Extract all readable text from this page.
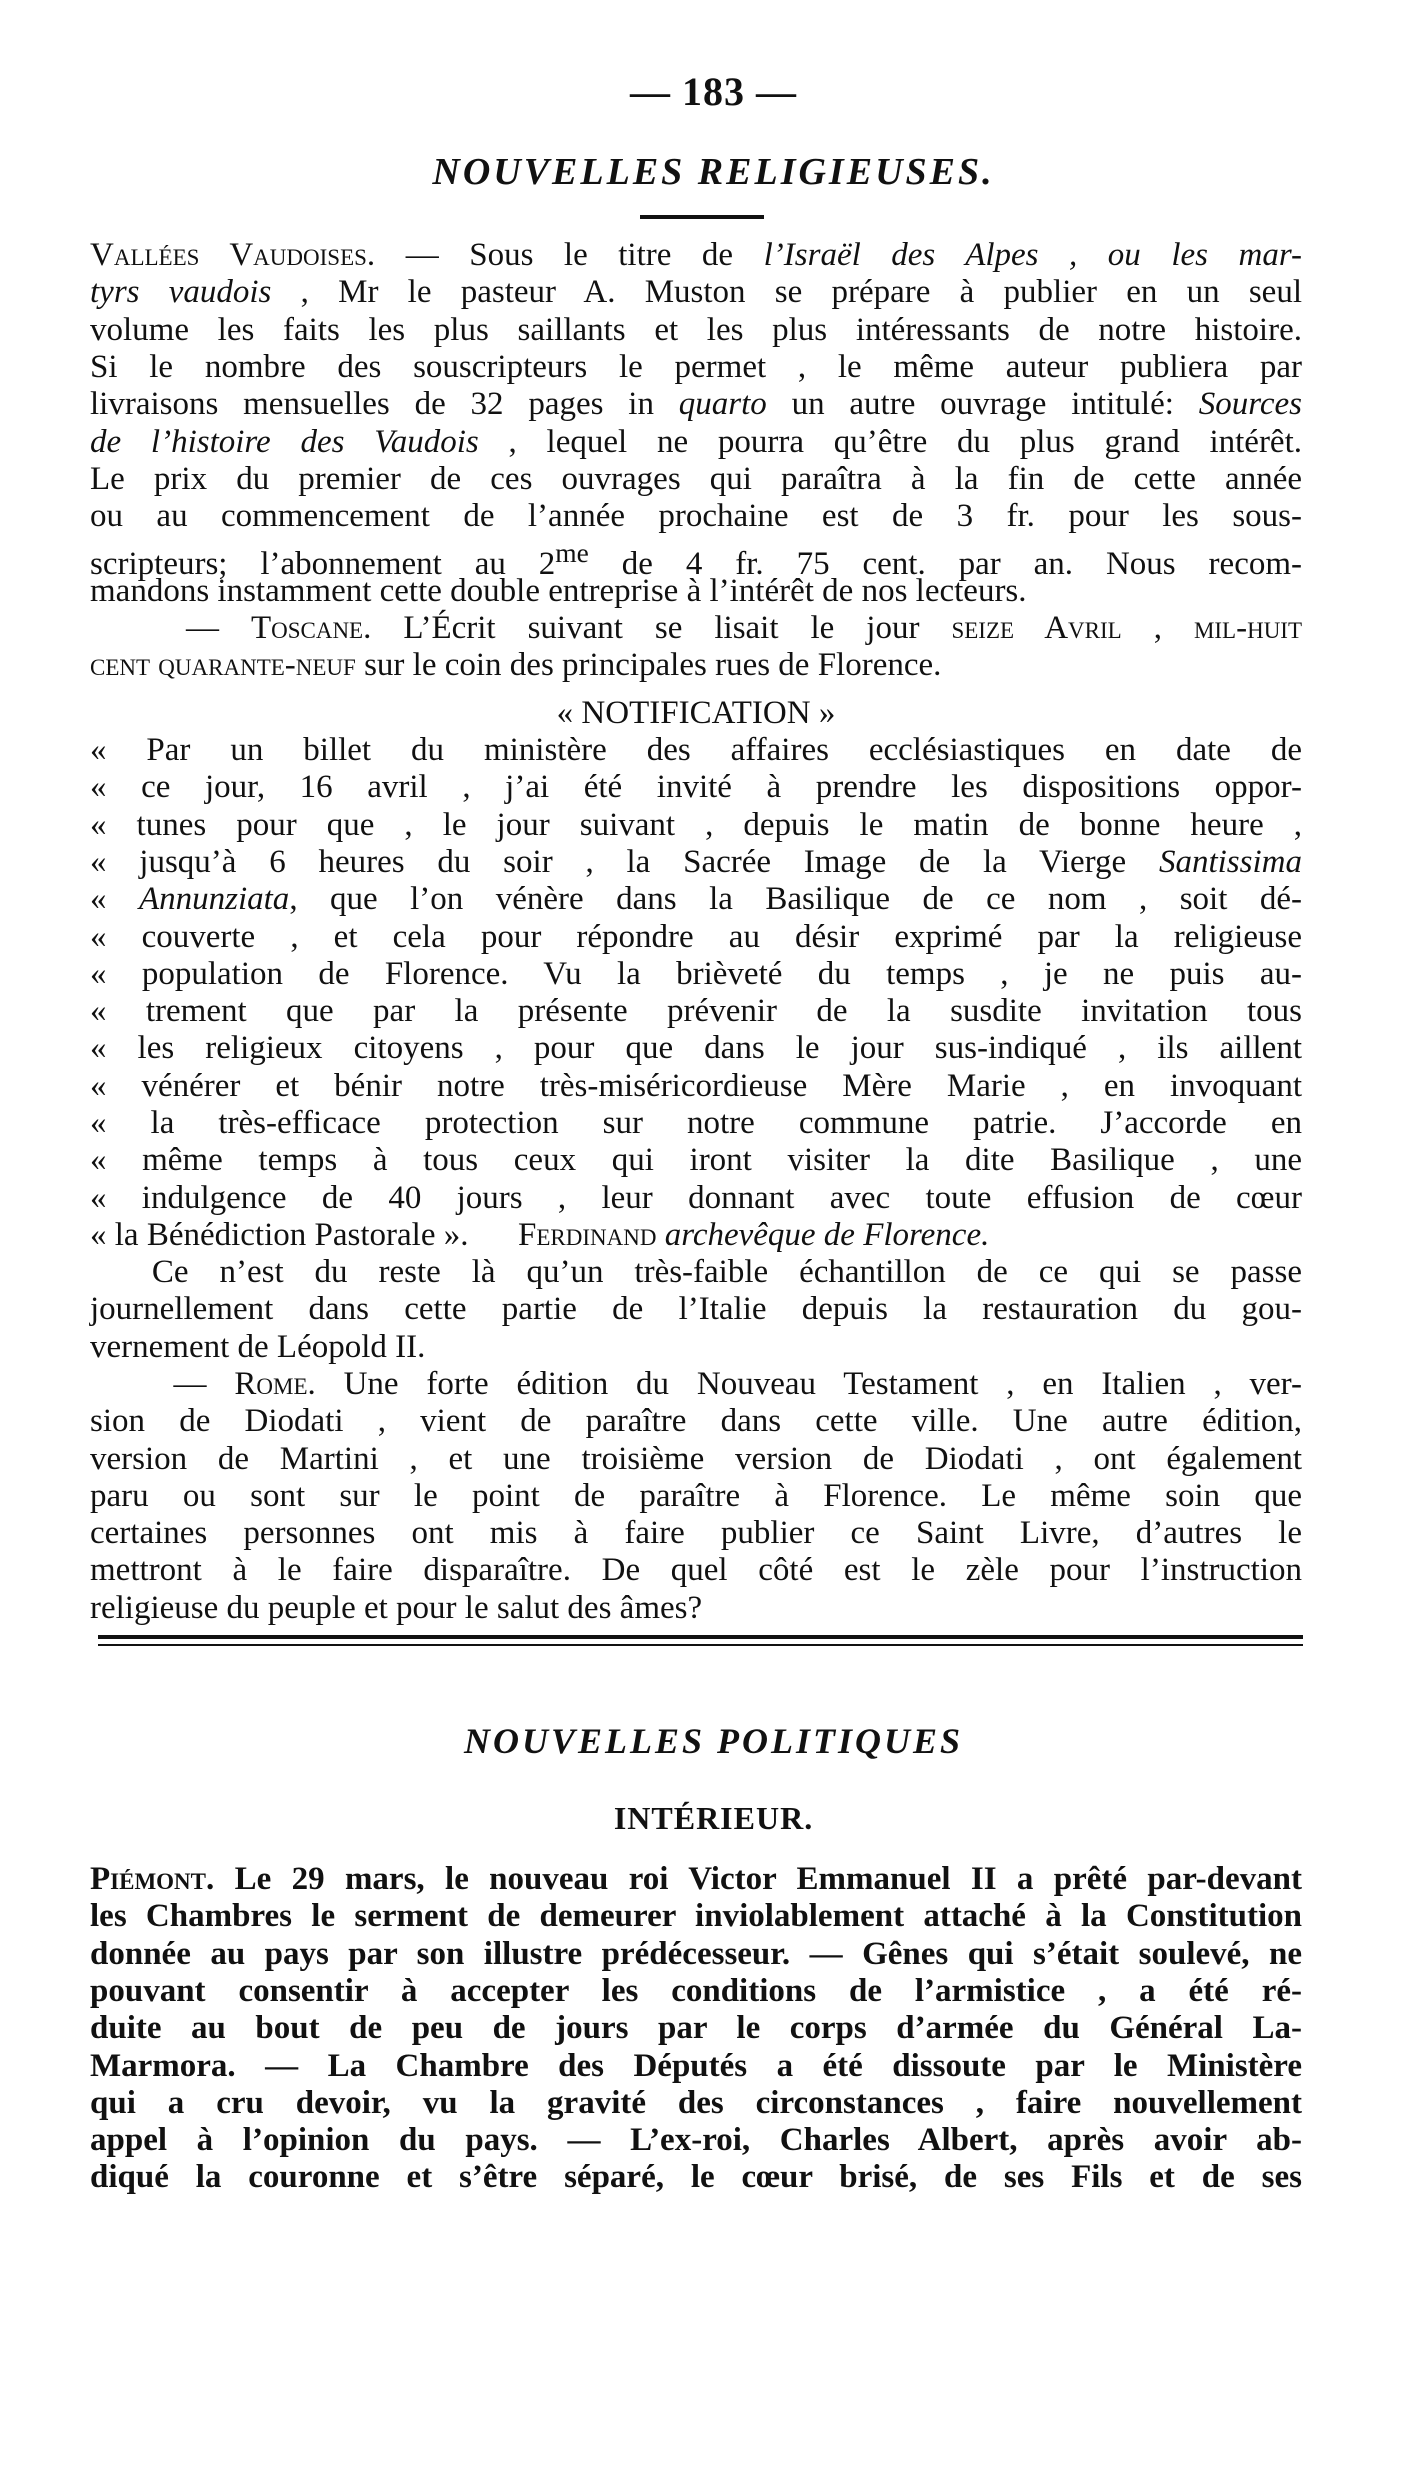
— 183 —
NOUVELLES RELIGIEUSES.
Vallées Vaudoises. — Sous le titre de l’Israël des Alpes , ou les mar-
tyrs vaudois , Mr le pasteur A. Muston se prépare à publier en un seul
volume les faits les plus saillants et les plus intéressants de notre histoire.
Si le nombre des souscripteurs le permet , le même auteur publiera par
livraisons mensuelles de 32 pages in quarto un autre ouvrage intitulé: Sources
de l’histoire des Vaudois , lequel ne pourra qu’être du plus grand intérêt.
Le prix du premier de ces ouvrages qui paraîtra à la fin de cette année
ou au commencement de l’année prochaine est de 3 fr. pour les sous-
scripteurs; l’abonnement au $2^{me}$ de 4 fr. 75 cent. par an. Nous recom-
mandons instamment cette double entreprise à l’intérêt de nos lecteurs.
— Toscane. L’Écrit suivant se lisait le jour seize Avril , mil-huit
cent quarante-neuf sur le coin des principales rues de Florence.
« NOTIFICATION »
« Par un billet du ministère des affaires ecclésiastiques en date de
« ce jour, 16 avril , j’ai été invité à prendre les dispositions oppor-
« tunes pour que , le jour suivant , depuis le matin de bonne heure ,
« jusqu’à 6 heures du soir , la Sacrée Image de la Vierge Santissima
« Annunziata, que l’on vénère dans la Basilique de ce nom , soit dé-
« couverte , et cela pour répondre au désir exprimé par la religieuse
« population de Florence. Vu la brièveté du temps , je ne puis au-
« trement que par la présente prévenir de la susdite invitation tous
« les religieux citoyens , pour que dans le jour sus-indiqué , ils aillent
« vénérer et bénir notre très-miséricordieuse Mère Marie , en invoquant
« la très-efficace protection sur notre commune patrie. J’accorde en
« même temps à tous ceux qui iront visiter la dite Basilique , une
« indulgence de 40 jours , leur donnant avec toute effusion de cœur
« la Bénédiction Pastorale ».      Ferdinand archevêque de Florence.
Ce n’est du reste là qu’un très-faible échantillon de ce qui se passe
journellement dans cette partie de l’Italie depuis la restauration du gou-
vernement de Léopold II.
— Rome. Une forte édition du Nouveau Testament , en Italien , ver-
sion de Diodati , vient de paraître dans cette ville. Une autre édition,
version de Martini , et une troisième version de Diodati , ont également
paru ou sont sur le point de paraître à Florence. Le même soin que
certaines personnes ont mis à faire publier ce Saint Livre, d’autres le
mettront à le faire disparaître. De quel côté est le zèle pour l’instruction
religieuse du peuple et pour le salut des âmes?
NOUVELLES POLITIQUES
INTÉRIEUR.
Piémont. Le 29 mars, le nouveau roi Victor Emmanuel II a prêté par-devant
les Chambres le serment de demeurer inviolablement attaché à la Constitution
donnée au pays par son illustre prédécesseur. — Gênes qui s’était soulevé, ne
pouvant consentir à accepter les conditions de l’armistice , a été ré-
duite au bout de peu de jours par le corps d’armée du Général La-
Marmora. — La Chambre des Députés a été dissoute par le Ministère
qui a cru devoir, vu la gravité des circonstances , faire nouvellement
appel à l’opinion du pays. — L’ex-roi, Charles Albert, après avoir ab-
diqué la couronne et s’être séparé, le cœur brisé, de ses Fils et de ses
